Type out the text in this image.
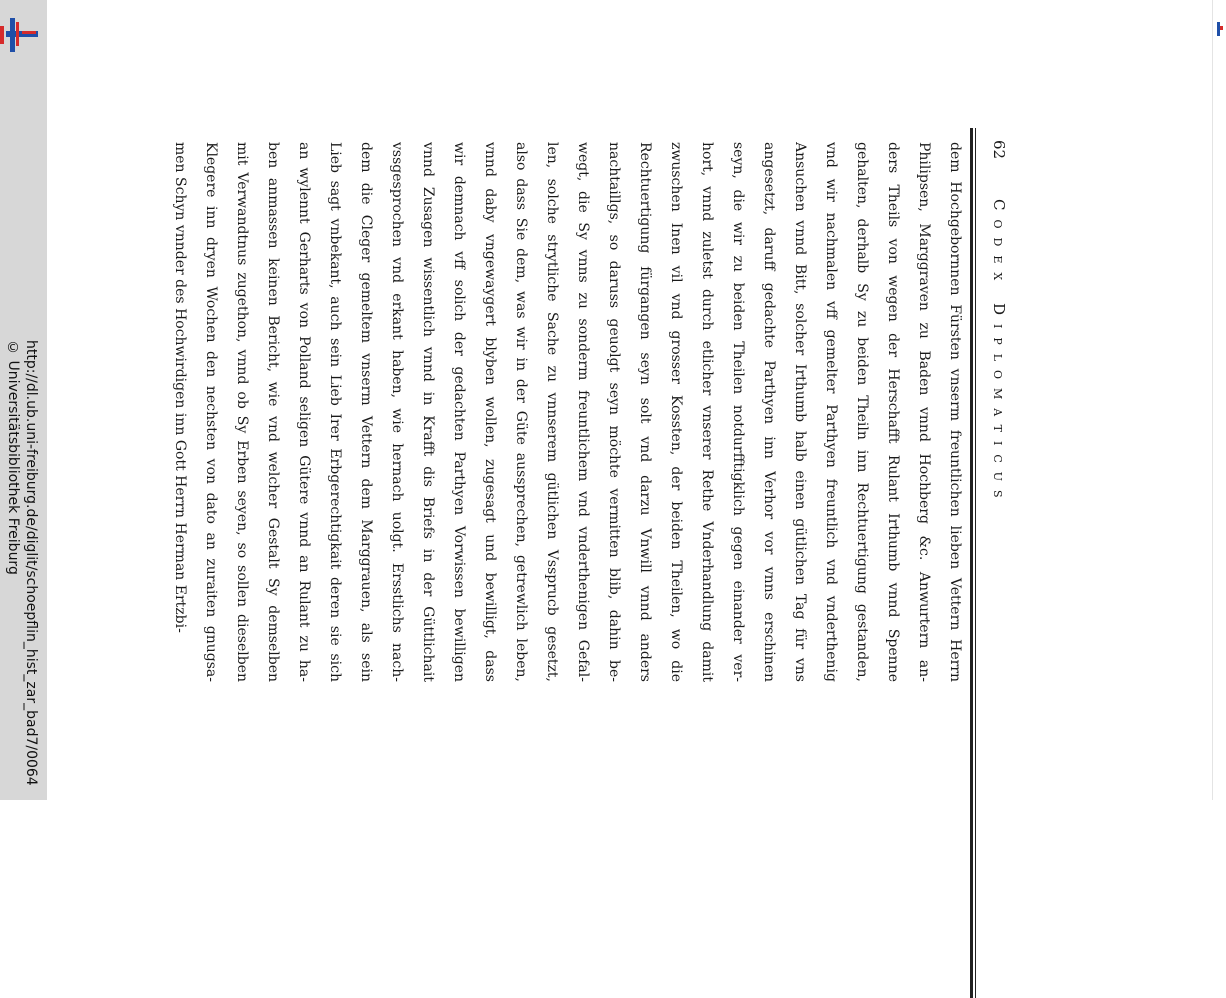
http://dl.ub.uni-freiburg.de/diglit/schoepflin_hist_zar_bad7/0064
© Universitätsbibliothek Freiburg
62
Codex Diplomaticus
dem Hochgebornnen Fürsten vnserm freuntlichen lieben Vettern Herrn
Philipsen, Marggraven zu Baden vnnd Hochberg &c. Anwurtern an-
ders Theils von wegen der Herschafft Rulant Irthumb vnnd Spenne
gehalten, derhalb Sy zu beiden Theiln inn Rechtuertigung gestanden,
vnd wir nachmalen vff gemelter Parthyen freuntlich vnd vnderthenig
Ansuchen vnnd Bitt, solcher Irthumb halb einen gütlichen Tag für vns
angesetzt, daruff gedachte Parthyen inn Verhor vor vnns erschinen
seyn, die wir zu beiden Theilen notdurfftigklich gegen einander ver-
hort, vnnd zuletst durch etlicher vnserer Rethe Vnderhandlung damit
zwuschen Inen vil vnd grosser Kossten, der beiden Theilen, wo die
Rechtuertigung fürgangen seyn solt vnd darzu Vnwill vnnd anders
nachtaillgs, so daruss geuolgt seyn möchte vermitten blib, dahin be-
wegt, die Sy vnns zu sonderm freuntlichem vnd vnderthenigen Gefal-
len, solche strytliche Sache zu vnnserem gütlichen Vssprucb gesetzt,
also dass Sie dem, was wir in der Güte aussprechen, getrewlich leben,
vnnd daby vngewaygert blyben wollen, zugesagt und bewilligt, dass
wir demnach vff solich der gedachten Parthyen Vorwissen bewilligen
vnnd Zusagen wissentlich vnnd in Krafft dis Briefs in der Güttlichait
vssgesprochen vnd erkant haben, wie hernach uolgt. Ersstlichs nach-
dem die Cleger gemeltem vnserm Vettern dem Marggrauen, als sein
Lieb sagt vnbekant, auch sein Lieb Irer Erbgerechtigkait deren sie sich
an wylennt Gerharts von Polland seligen Gütere vnnd an Rulant zu ha-
ben anmassen keinen Bericht, wie vnd welcher Gestalt Sy demselben
mit Verwandtnus zugethon, vnnd ob Sy Erben seyen, so sollen dieselben
Klegere inn dryen Wochen den nechsten von dato an zuraiten gnugsa-
men Schyn vnnder des Hochwirdigen inn Gott Herrn Herman Ertzbi-
